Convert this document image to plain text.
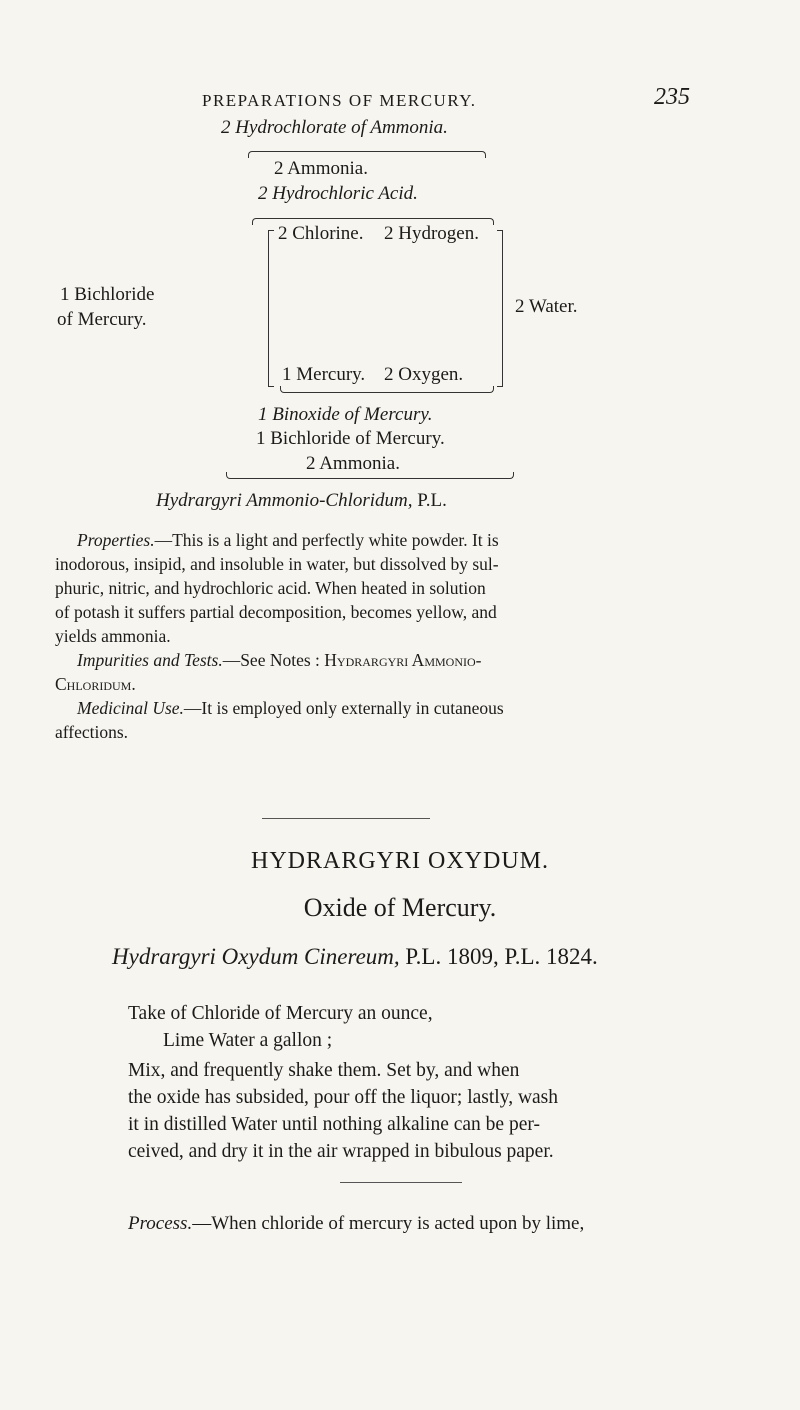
PREPARATIONS OF MERCURY.	235
2 Hydrochlorate of Ammonia.
2 Ammonia.
2 Hydrochloric Acid.
2 Chlorine. 2 Hydrogen.
1 Bichloride
of Mercury.
2 Water.
1 Mercury. 2 Oxygen.
1 Binoxide of Mercury.
1 Bichloride of Mercury.
2 Ammonia.
Hydrargyri Ammonio-Chloridum, P.L.
Properties.—This is a light and perfectly white powder. It is
inodorous, insipid, and insoluble in water, but dissolved by sul-
phuric, nitric, and hydrochloric acid. When heated in solution
of potash it suffers partial decomposition, becomes yellow, and
yields ammonia.
Impurities and Tests.—See Notes : Hydrargyri Ammonio-
Chloridum.
Medicinal Use.—It is employed only externally in cutaneous
affections.
HYDRARGYRI OXYDUM.
Oxide of Mercury.
Hydrargyri Oxydum Cinereum, P.L. 1809, P.L. 1824.
Take of Chloride of Mercury an ounce,
Lime Water a gallon ;
Mix, and frequently shake them. Set by, and when
the oxide has subsided, pour off the liquor; lastly, wash
it in distilled Water until nothing alkaline can be per-
ceived, and dry it in the air wrapped in bibulous paper.
Process.—When chloride of mercury is acted upon by lime,
